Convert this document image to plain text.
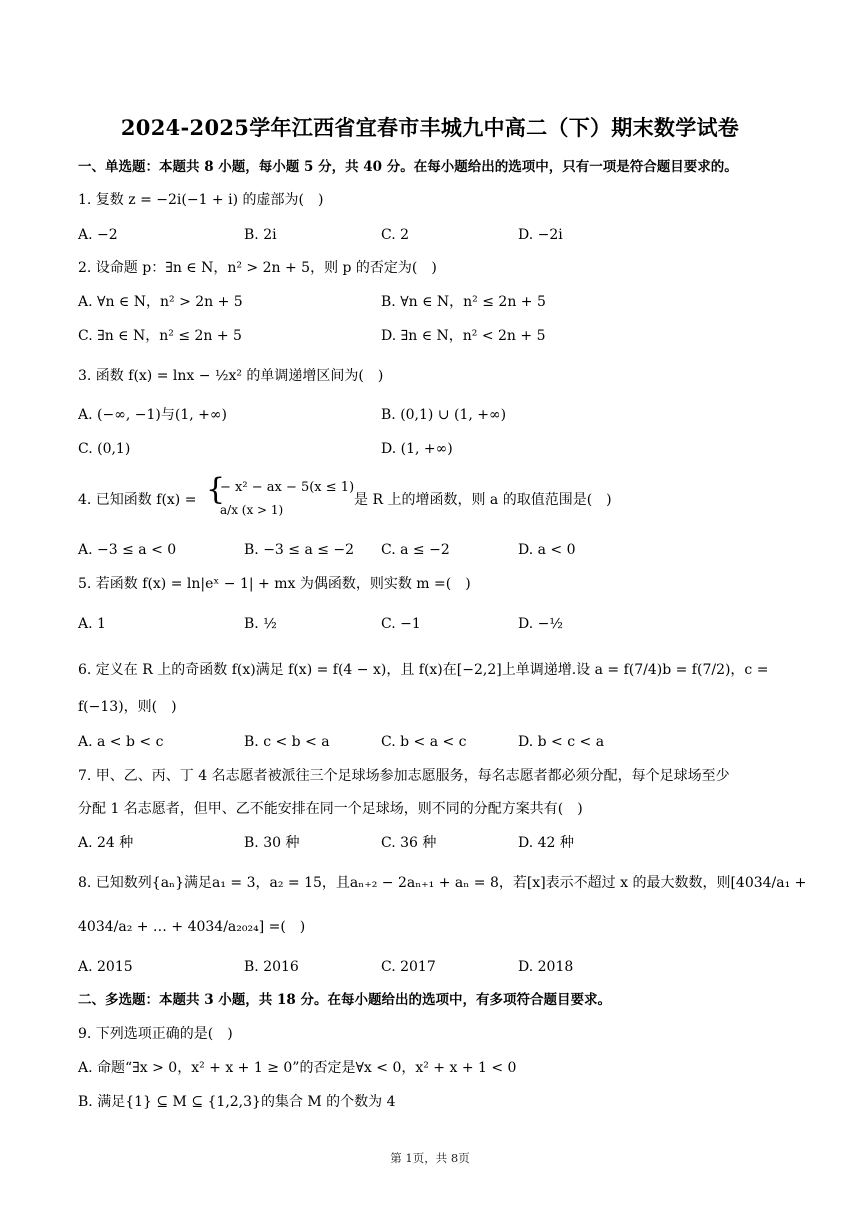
2024-2025学年江西省宜春市丰城九中高二（下）期末数学试卷
一、单选题：本题共 8 小题，每小题 5 分，共 40 分。在每小题给出的选项中，只有一项是符合题目要求的。
1. 复数 z = −2i(−1 + i) 的虚部为(　)
A. −2	B. 2i	C. 2	D. −2i
2. 设命题 p：∃n ∈ N，n² > 2n + 5，则 p 的否定为(　)
A. ∀n ∈ N，n² > 2n + 5	B. ∀n ∈ N，n² ≤ 2n + 5
C. ∃n ∈ N，n² ≤ 2n + 5	D. ∃n ∈ N，n² < 2n + 5
3. 函数 f(x) = lnx − ½x² 的单调递增区间为(　)
A. (−∞, −1)与(1, +∞)	B. (0,1) ∪ (1, +∞)
C. (0,1)	D. (1, +∞)
4. 已知函数 f(x) = {
− x² − ax − 5(x ≤ 1)
a/x (x > 1)
是 R 上的增函数，则 a 的取值范围是(　)
A. −3 ≤ a < 0	B. −3 ≤ a ≤ −2 C. a ≤ −2	D. a < 0
5. 若函数 f(x) = ln|eˣ − 1| + mx 为偶函数，则实数 m =(　)
A. 1	B. ½	C. −1	D. −½
6. 定义在 R 上的奇函数 f(x)满足 f(x) = f(4 − x)，且 f(x)在[−2,2]上单调递增.设 a = f(7/4)b = f(7/2)，c =
f(−13)，则(　)
A. a < b < c	B. c < b < a	C. b < a < c	D. b < c < a
7. 甲、乙、丙、丁 4 名志愿者被派往三个足球场参加志愿服务，每名志愿者都必须分配，每个足球场至少
分配 1 名志愿者，但甲、乙不能安排在同一个足球场，则不同的分配方案共有(　)
A. 24 种	B. 30 种	C. 36 种	D. 42 种
8. 已知数列{aₙ}满足a₁ = 3，a₂ = 15，且aₙ₊₂ − 2aₙ₊₁ + aₙ = 8，若[x]表示不超过 x 的最大数数，则[4034/a₁ +
4034/a₂ + … + 4034/a₂₀₂₄] =(　)
A. 2015	B. 2016	C. 2017	D. 2018
二、多选题：本题共 3 小题，共 18 分。在每小题给出的选项中，有多项符合题目要求。
9. 下列选项正确的是(　)
A. 命题“∃x > 0，x² + x + 1 ≥ 0”的否定是∀x < 0，x² + x + 1 < 0
B. 满足{1} ⊆ M ⊆ {1,2,3}的集合 M 的个数为 4
第 1页，共 8页
